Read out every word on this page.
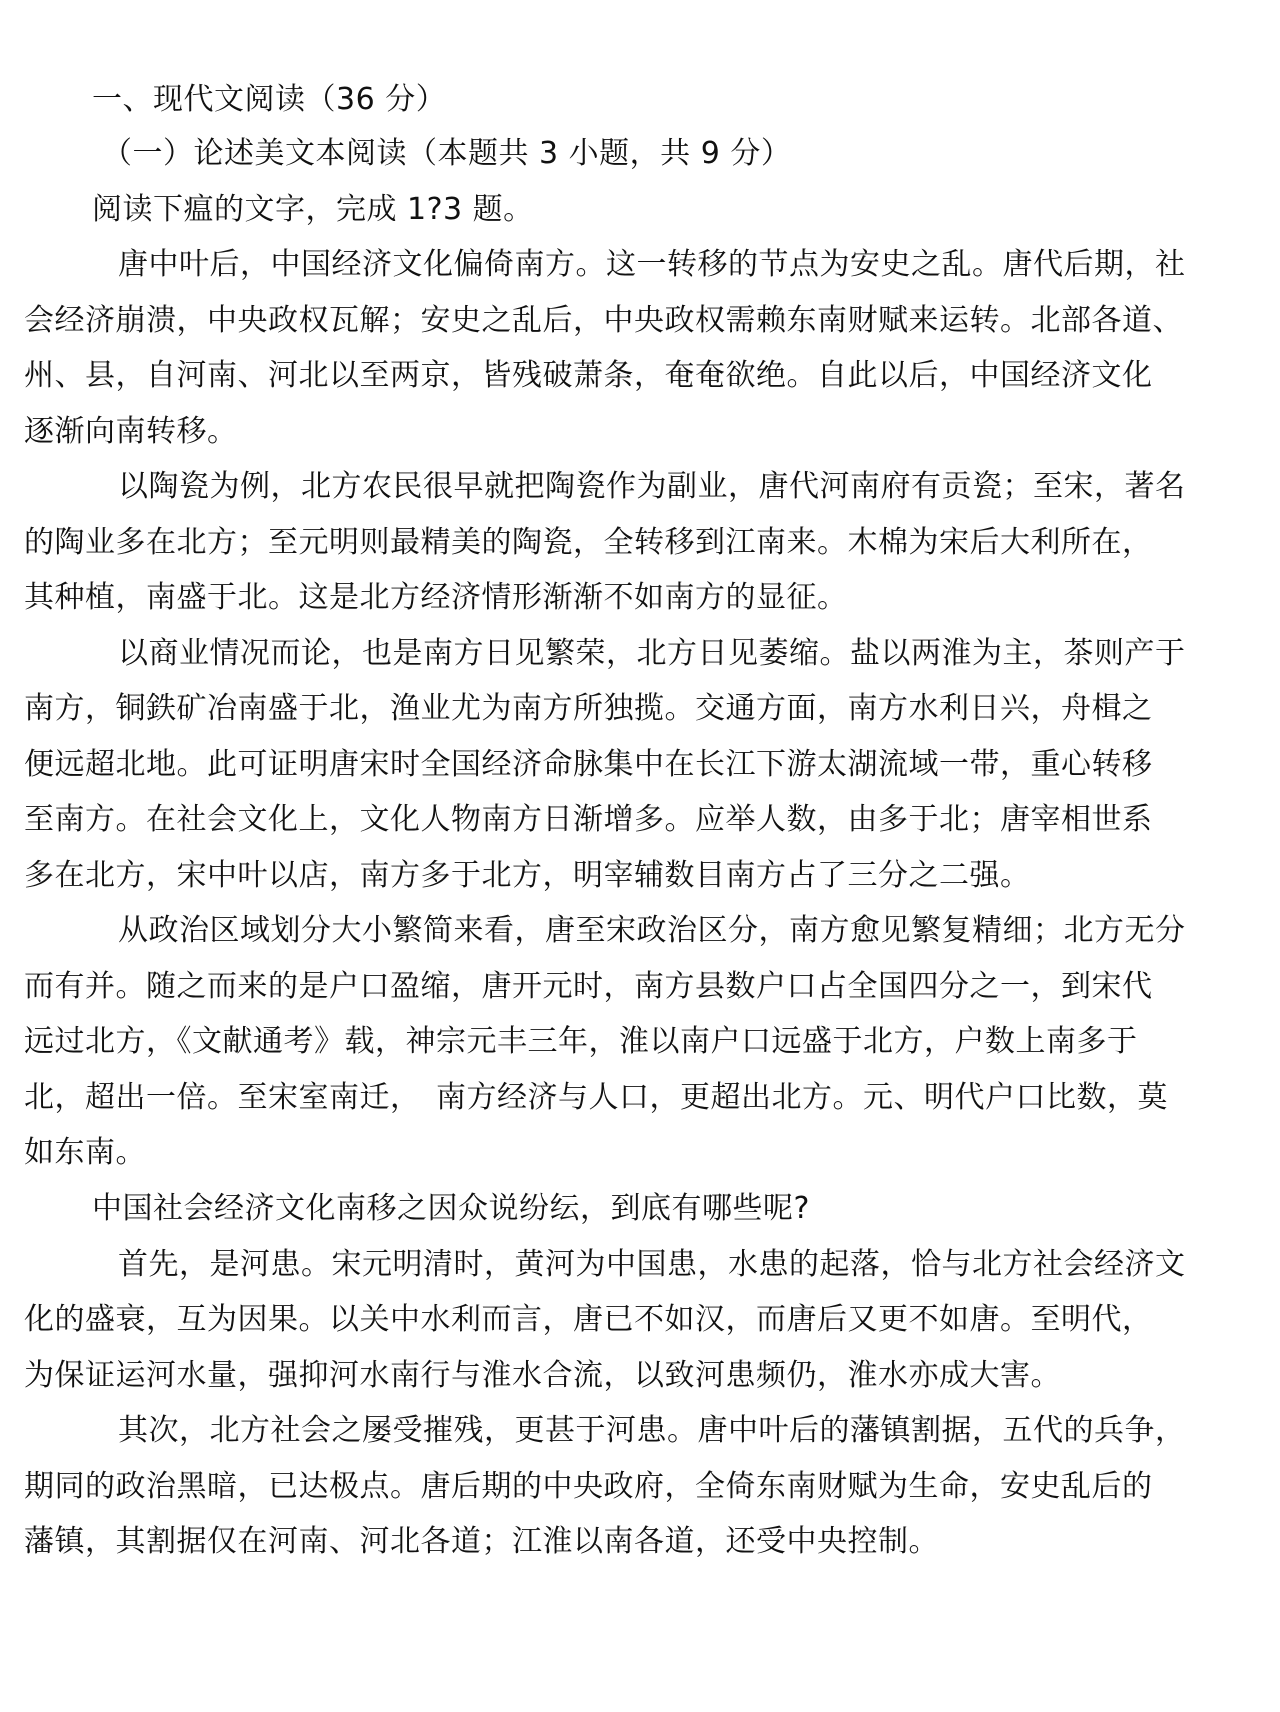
一、现代文阅读（36 分）
（一）论述美文本阅读（本题共 3 小题，共 9 分）
阅读下瘟的文字，完成 1?3 题。
唐中叶后，中国经济文化偏倚南方。这一转移的节点为安史之乱。唐代后期，社
会经济崩溃，中央政权瓦解；安史之乱后，中央政权需赖东南财赋来运转。北部各道、
州、县，自河南、河北以至两京，皆残破萧条，奄奄欲绝。自此以后，中国经济文化
逐渐向南转移。
以陶瓷为例，北方农民很早就把陶瓷作为副业，唐代河南府有贡瓷；至宋，著名
的陶业多在北方；至元明则最精美的陶瓷，全转移到江南来。木棉为宋后大利所在，
其种植，南盛于北。这是北方经济情形渐渐不如南方的显征。
以商业情况而论，也是南方日见繁荣，北方日见萎缩。盐以两淮为主，茶则产于
南方，铜鉄矿冶南盛于北，渔业尤为南方所独揽。交通方面，南方水利日兴，舟楫之
便远超北地。此可证明唐宋时全国经济命脉集中在长江下游太湖流域一带，重心转移
至南方。在社会文化上，文化人物南方日渐增多。应举人数，由多于北；唐宰相世系
多在北方，宋中叶以店，南方多于北方，明宰辅数目南方占了三分之二强。
从政治区域划分大小繁简来看，唐至宋政治区分，南方愈见繁复精细；北方无分
而有并。随之而来的是户口盈缩，唐开元时，南方县数户口占全国四分之一，到宋代
远过北方，《文献通考》载，神宗元丰三年，淮以南户口远盛于北方，户数上南多于
北，超出一倍。至宋室南迁，　南方经济与人口，更超出北方。元、明代户口比数，莫
如东南。
中国社会经济文化南移之因众说纷纭，到底有哪些呢?
首先，是河患。宋元明清时，黄河为中国患，水患的起落，恰与北方社会经济文
化的盛衰，互为因果。以关中水利而言，唐已不如汉，而唐后又更不如唐。至明代，
为保证运河水量，强抑河水南行与淮水合流，以致河患频仍，淮水亦成大害。
其次，北方社会之屡受摧残，更甚于河患。唐中叶后的藩镇割据，五代的兵争，
期同的政治黑暗，已达极点。唐后期的中央政府，全倚东南财赋为生命，安史乱后的
藩镇，其割据仅在河南、河北各道；江淮以南各道，还受中央控制。
